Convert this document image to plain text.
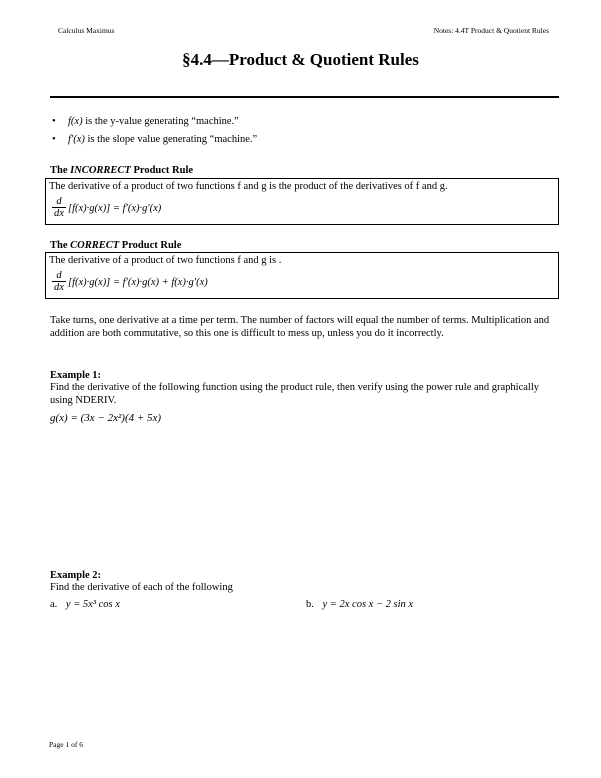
Calculus Maximus	Notes: 4.4T Product & Quotient Rules
§4.4—Product & Quotient Rules
• f(x) is the y-value generating “machine.”
• f′(x) is the slope value generating “machine.”
The INCORRECT Product Rule
The derivative of a product of two functions f and g is the product of the derivatives of f and g.
$\frac{d}{dx} [f(x)\cdot g(x)] = f'(x)\cdot g'(x)$
The CORRECT Product Rule
The derivative of a product of two functions f and g is .
$\frac{d}{dx} [f(x)\cdot g(x)] = f'(x)\cdot g(x) + f(x)\cdot g'(x)$
Take turns, one derivative at a time per term. The number of factors will equal the number of terms. Multiplication and addition are both commutative, so this one is difficult to mess up, unless you do it incorrectly.
Example 1:
Find the derivative of the following function using the product rule, then verify using the power rule and graphically using NDERIV.
g(x) = (3x − 2x²)(4 + 5x)
Example 2:
Find the derivative of each of the following
a. y = 5x³ cos x	b. y = 2x cos x − 2 sin x
Page 1 of 6
